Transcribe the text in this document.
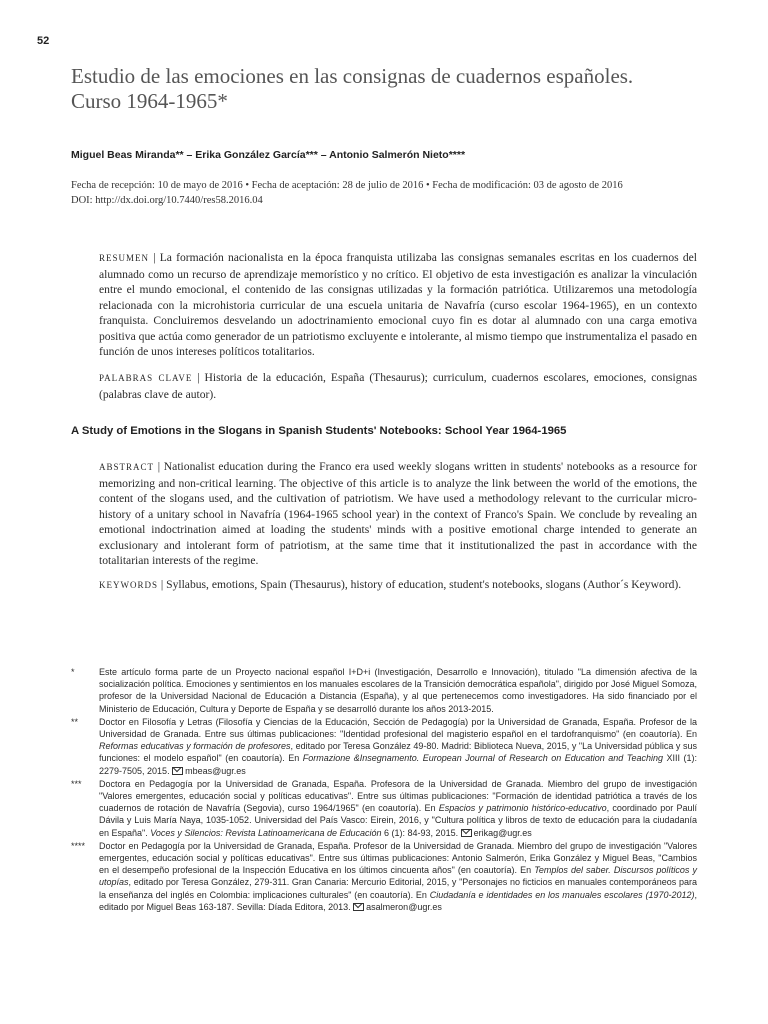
52
Estudio de las emociones en las consignas de cuadernos españoles.
Curso 1964-1965*
Miguel Beas Miranda** – Erika González García*** – Antonio Salmerón Nieto****
Fecha de recepción: 10 de mayo de 2016 • Fecha de aceptación: 28 de julio de 2016 • Fecha de modificación: 03 de agosto de 2016
DOI: http://dx.doi.org/10.7440/res58.2016.04
RESUMEN | La formación nacionalista en la época franquista utilizaba las consignas semanales escritas en los cuadernos del alumnado como un recurso de aprendizaje memorístico y no crítico. El objetivo de esta investigación es analizar la vinculación entre el mundo emocional, el contenido de las consignas utilizadas y la formación patriótica. Utilizaremos una metodología relacionada con la microhistoria curricular de una escuela unitaria de Navafría (curso escolar 1964-1965), en un contexto franquista. Concluiremos desvelando un adoctrinamiento emocional cuyo fin es dotar al alumnado con una carga emotiva positiva que actúa como generador de un patriotismo excluyente e intolerante, al mismo tiempo que instrumentaliza el pasado en función de unos intereses políticos totalitarios.
PALABRAS CLAVE | Historia de la educación, España (Thesaurus); curriculum, cuadernos escolares, emociones, consignas (palabras clave de autor).
A Study of Emotions in the Slogans in Spanish Students' Notebooks: School Year 1964-1965
ABSTRACT | Nationalist education during the Franco era used weekly slogans written in students' notebooks as a resource for memorizing and non-critical learning. The objective of this article is to analyze the link between the world of the emotions, the content of the slogans used, and the cultivation of patriotism. We have used a methodology relevant to the curricular micro-history of a unitary school in Navafría (1964-1965 school year) in the context of Franco's Spain. We conclude by revealing an emotional indoctrination aimed at loading the students' minds with a positive emotional charge intended to generate an exclusionary and intolerant form of patriotism, at the same time that it institutionalized the past in accordance with the totalitarian interests of the regime.
KEYWORDS | Syllabus, emotions, Spain (Thesaurus), history of education, student's notebooks, slogans (Author´s Keyword).
*	Este artículo forma parte de un Proyecto nacional español I+D+i (Investigación, Desarrollo e Innovación), titulado "La dimensión afectiva de la socialización política. Emociones y sentimientos en los manuales escolares de la Transición democrática española", dirigido por José Miguel Somoza, profesor de la Universidad Nacional de Educación a Distancia (España), y al que pertenecemos como investigadores. Ha sido financiado por el Ministerio de Educación, Cultura y Deporte de España y se desarrolló durante los años 2013-2015.
**	Doctor en Filosofía y Letras (Filosofía y Ciencias de la Educación, Sección de Pedagogía) por la Universidad de Granada, España. Profesor de la Universidad de Granada. Entre sus últimas publicaciones: "Identidad profesional del magisterio español en el tardofranquismo" (en coautoría). En Reformas educativas y formación de profesores, editado por Teresa González 49-80. Madrid: Biblioteca Nueva, 2015, y "La Universidad pública y sus funciones: el modelo español" (en coautoría). En Formazione &Insegnamento. European Journal of Research on Education and Teaching XIII (1): 2279-7505, 2015. mbeas@ugr.es
***	Doctora en Pedagogía por la Universidad de Granada, España. Profesora de la Universidad de Granada. Miembro del grupo de investigación "Valores emergentes, educación social y políticas educativas". Entre sus últimas publicaciones: "Formación de identidad patriótica a través de los cuadernos de rotación de Navafría (Segovia), curso 1964/1965" (en coautoría). En Espacios y patrimonio histórico-educativo, coordinado por Paulí Dávila y Luis María Naya, 1035-1052. Universidad del País Vasco: Eirein, 2016, y "Cultura política y libros de texto de educación para la ciudadanía en España". Voces y Silencios: Revista Latinoamericana de Educación 6 (1): 84-93, 2015. erikag@ugr.es
****	Doctor en Pedagogía por la Universidad de Granada, España. Profesor de la Universidad de Granada. Miembro del grupo de investigación "Valores emergentes, educación social y políticas educativas". Entre sus últimas publicaciones: Antonio Salmerón, Erika González y Miguel Beas, "Cambios en el desempeño profesional de la Inspección Educativa en los últimos cincuenta años" (en coautoría). En Templos del saber. Discursos políticos y utopías, editado por Teresa González, 279-311. Gran Canaria: Mercurio Editorial, 2015, y "Personajes no ficticios en manuales contemporáneos para la enseñanza del inglés en Colombia: implicaciones culturales" (en coautoría). En Ciudadanía e identidades en los manuales escolares (1970-2012), editado por Miguel Beas 163-187. Sevilla: Díada Editora, 2013. asalmeron@ugr.es
